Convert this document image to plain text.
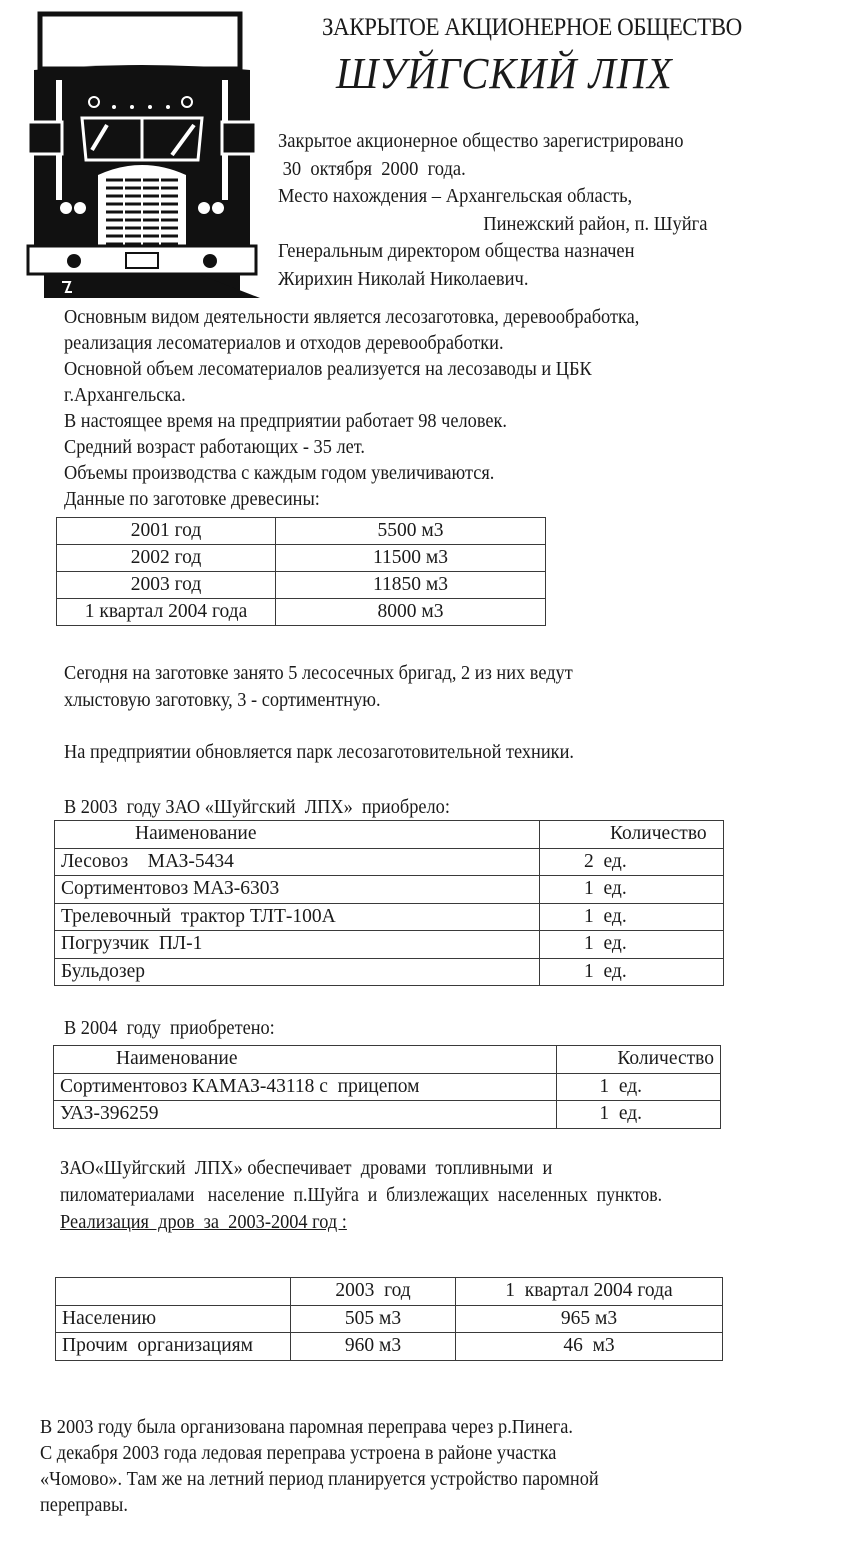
ЗАКРЫТОЕ АКЦИОНЕРНОЕ ОБЩЕСТВО
ШУЙГСКИЙ ЛПХ
Закрытое акционерное общество зарегистрировано
30  октября  2000  года.
Место нахождения – Архангельская область,
Пинежский район, п. Шуйга
Генеральным директором общества назначен
Жирихин Николай Николаевич.
Основным видом деятельности является лесозаготовка, деревообработка,
реализация лесоматериалов и отходов деревообработки.
Основной объем лесоматериалов реализуется на лесозаводы и ЦБК
г.Архангельска.
В настоящее время на предприятии работает 98 человек.
Средний возраст работающих - 35 лет.
Объемы производства с каждым годом увеличиваются.
Данные по заготовке древесины:
2001 год	5500 м3
2002 год	11500 м3
2003 год	11850 м3
1 квартал 2004 года	8000 м3
Сегодня на заготовке занято 5 лесосечных бригад, 2 из них ведут
хлыстовую заготовку, 3 - сортиментную.
На предприятии обновляется парк лесозаготовительной техники.
В 2003  году ЗАО «Шуйгский  ЛПХ»  приобрело:
Наименование	Количество
Лесовоз    МАЗ-5434	2  ед.
Сортиментовоз МАЗ-6303	1  ед.
Трелевочный  трактор ТЛТ-100А	1  ед.
Погрузчик  ПЛ-1	1  ед.
Бульдозер	1  ед.
В 2004  году  приобретено:
Наименование	Количество
Сортиментовоз КАМАЗ-43118 с  прицепом	1  ед.
УАЗ-396259	1  ед.
ЗАО«Шуйгский  ЛПХ» обеспечивает  дровами  топливными  и
пиломатериалами   население  п.Шуйга  и  близлежащих  населенных  пунктов.
Реализация  дров  за  2003-2004 год :
	2003  год	1  квартал 2004 года
Населению	505 м3	965 м3
Прочим  организациям	960 м3	46  м3
В 2003 году была организована паромная переправа через р.Пинега.
С декабря 2003 года ледовая переправа устроена в районе участка
«Чомово». Там же на летний период планируется устройство паромной
переправы.
